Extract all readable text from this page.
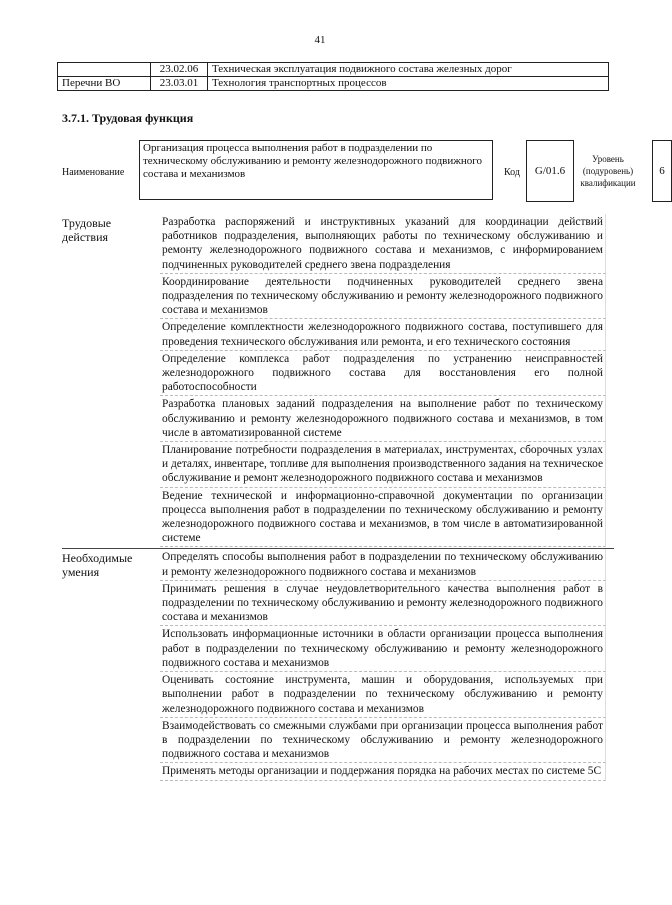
41
	23.02.06	Техническая эксплуатация подвижного состава железных дорог
Перечни ВО	23.03.01	Технология транспортных процессов
3.7.1. Трудовая функция
Наименование
Организация процесса выполнения работ в подразделении по техническому обслуживанию и ремонту железнодорожного подвижного состава и механизмов	Код	G/01.6
Уровень (подуровень) квалификации
6
Трудовые действия
Разработка распоряжений и инструктивных указаний для координации действий работников подразделения, выполняющих работы по техническому обслуживанию и ремонту железнодорожного подвижного состава и механизмов, с информированием подчиненных руководителей среднего звена подразделения
Координирование деятельности подчиненных руководителей среднего звена подразделения по техническому обслуживанию и ремонту железнодорожного подвижного состава и механизмов
Определение комплектности железнодорожного подвижного состава, поступившего для проведения технического обслуживания или ремонта, и его технического состояния
Определение комплекса работ подразделения по устранению неисправностей железнодорожного подвижного состава для восстановления его полной работоспособности
Разработка плановых заданий подразделения на выполнение работ по техническому обслуживанию и ремонту железнодорожного подвижного состава и механизмов, в том числе в автоматизированной системе
Планирование потребности подразделения в материалах, инструментах, сборочных узлах и деталях, инвентаре, топливе для выполнения производственного задания на техническое обслуживание и ремонт железнодорожного подвижного состава и механизмов
Ведение технической и информационно-справочной документации по организации процесса выполнения работ в подразделении по техническому обслуживанию и ремонту железнодорожного подвижного состава и механизмов, в том числе в автоматизированной системе
Необходимые умения
Определять способы выполнения работ в подразделении по техническому обслуживанию и ремонту железнодорожного подвижного состава и механизмов
Принимать решения в случае неудовлетворительного качества выполнения работ в подразделении по техническому обслуживанию и ремонту железнодорожного подвижного состава и механизмов
Использовать информационные источники в области организации процесса выполнения работ в подразделении по техническому обслуживанию и ремонту железнодорожного подвижного состава и механизмов
Оценивать состояние инструмента, машин и оборудования, используемых при выполнении работ в подразделении по техническому обслуживанию и ремонту железнодорожного подвижного состава и механизмов
Взаимодействовать со смежными службами при организации процесса выполнения работ в подразделении по техническому обслуживанию и ремонту железнодорожного подвижного состава и механизмов
Применять методы организации и поддержания порядка на рабочих местах по системе 5С
